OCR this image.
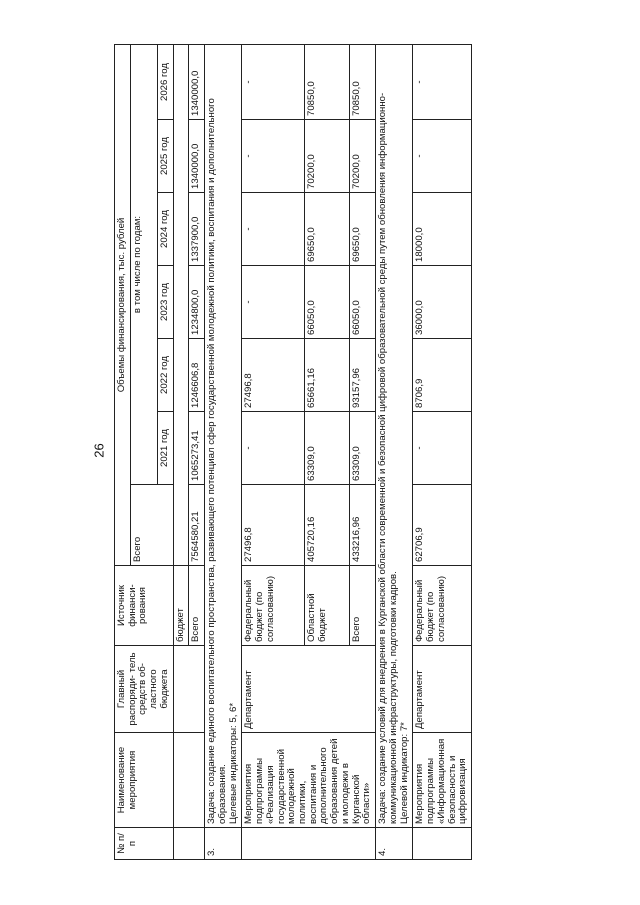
26
№ п/п	Наименование мероприятия	Главный распоряди- тель средств об- ластного бюджета	Источник финанси- рования	Объемы финансирования, тыс. рублей						
				Всего	в том числе по годам:					
					2021 год	2022 год	2023 год	2024 год	2025 год	2026 год
			бюджет							
			Всего	7564580,21	1065273,41	1246606,8	1234800,0	1337900,0	1340000,0	1340000,0
3.	Задача: создание единого воспитательного пространства, развивающего потенциал сфер государственной молодежной политики, воспитания и дополнительного образования. Целевые индикаторы: 5, 6*									

	Мероприятия подпрограммы «Реализация государственной молодежной политики, воспитания и дополнительного образования детей и молодежи в Курганской области»	Департамент	Федеральный бюджет (по согласованию)	27496,8	-	27496,8	-	-	-	-
			Областной бюджет	405720,16	63309,0	65661,16	66050,0	69650,0	70200,0	70850,0
			Всего	433216,96	63309,0	93157,96	66050,0	69650,0	70200,0	70850,0
4.	Задача: создание условий для внедрения в Курганской области современной и безопасной цифровой образовательной среды путем обновления информационно-коммуникационной инфраструктуры, подготовки кадров. Целевой индикатор: 7*									

	Мероприятия подпрограммы «Информационная безопасность и цифровизация	Департамент	Федеральный бюджет (по согласованию)	62706,9	-	8706,9	36000,0	18000,0	-	-
